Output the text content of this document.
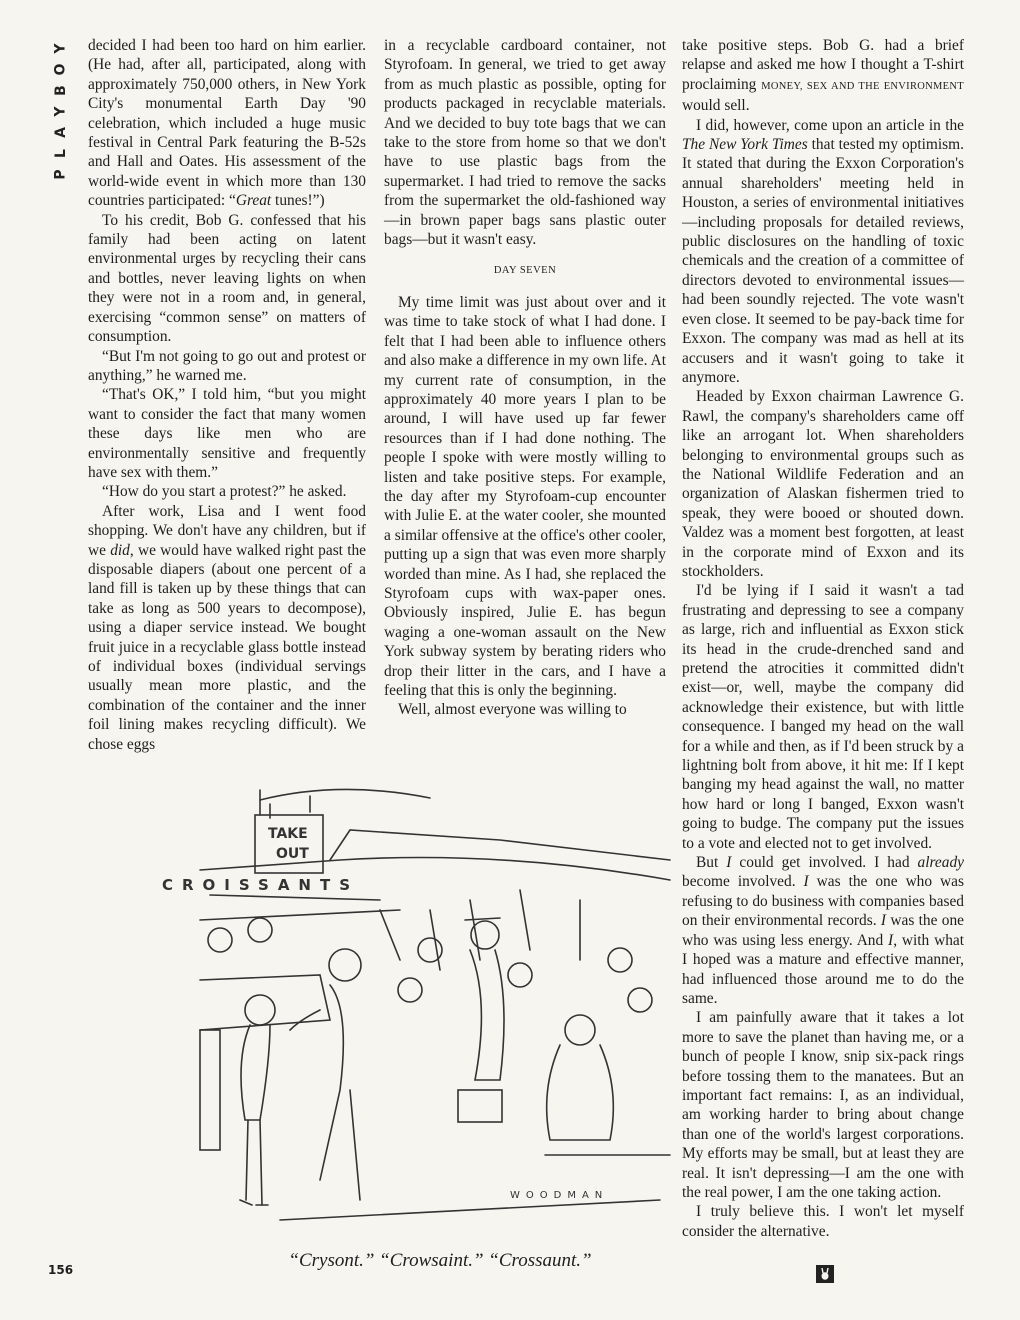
Y
O
B
Y
A
L
P

decided I had been too hard on him earlier. (He had, after all, participated, along with approximately 750,000 others, in New York City's monumental Earth Day '90 celebration, which included a huge music festival in Central Park featuring the B-52s and Hall and Oates. His assessment of the world-wide event in which more than 130 countries participated: “Great tunes!”)

To his credit, Bob G. confessed that his family had been acting on latent environmental urges by recycling their cans and bottles, never leaving lights on when they were not in a room and, in general, exercising “common sense” on matters of consumption.

“But I'm not going to go out and protest or anything,” he warned me.

“That's OK,” I told him, “but you might want to consider the fact that many women these days like men who are environmentally sensitive and frequently have sex with them.”

“How do you start a protest?” he asked.

After work, Lisa and I went food shopping. We don't have any children, but if we did, we would have walked right past the disposable diapers (about one percent of a land fill is taken up by these things that can take as long as 500 years to decompose), using a diaper service instead. We bought fruit juice in a recyclable glass bottle instead of individual boxes (individual servings usually mean more plastic, and the combination of the container and the inner foil lining makes recycling difficult). We chose eggs

in a recyclable cardboard container, not Styrofoam. In general, we tried to get away from as much plastic as possible, opting for products packaged in recyclable materials. And we decided to buy tote bags that we can take to the store from home so that we don't have to use plastic bags from the supermarket. I had tried to remove the sacks from the supermarket the old-fashioned way—in brown paper bags sans plastic outer bags—but it wasn't easy.

DAY SEVEN

My time limit was just about over and it was time to take stock of what I had done. I felt that I had been able to influence others and also make a difference in my own life. At my current rate of consumption, in the approximately 40 more years I plan to be around, I will have used up far fewer resources than if I had done nothing. The people I spoke with were mostly willing to listen and take positive steps. For example, the day after my Styrofoam-cup encounter with Julie E. at the water cooler, she mounted a similar offensive at the office's other cooler, putting up a sign that was even more sharply worded than mine. As I had, she replaced the Styrofoam cups with wax-paper ones. Obviously inspired, Julie E. has begun waging a one-woman assault on the New York subway system by berating riders who drop their litter in the cars, and I have a feeling that this is only the beginning.

Well, almost everyone was willing to

take positive steps. Bob G. had a brief relapse and asked me how I thought a T-shirt proclaiming MONEY, SEX AND THE ENVIRONMENT would sell.

I did, however, come upon an article in the The New York Times that tested my optimism. It stated that during the Exxon Corporation's annual shareholders' meeting held in Houston, a series of environmental initiatives—including proposals for detailed reviews, public disclosures on the handling of toxic chemicals and the creation of a committee of directors devoted to environmental issues—had been soundly rejected. The vote wasn't even close. It seemed to be pay-back time for Exxon. The company was mad as hell at its accusers and it wasn't going to take it anymore.

Headed by Exxon chairman Lawrence G. Rawl, the company's shareholders came off like an arrogant lot. When shareholders belonging to environmental groups such as the National Wildlife Federation and an organization of Alaskan fishermen tried to speak, they were booed or shouted down. Valdez was a moment best forgotten, at least in the corporate mind of Exxon and its stockholders.

I'd be lying if I said it wasn't a tad frustrating and depressing to see a company as large, rich and influential as Exxon stick its head in the crude-drenched sand and pretend the atrocities it committed didn't exist—or, well, maybe the company did acknowledge their existence, but with little consequence. I banged my head on the wall for a while and then, as if I'd been struck by a lightning bolt from above, it hit me: If I kept banging my head against the wall, no matter how hard or long I banged, Exxon wasn't going to budge. The company put the issues to a vote and elected not to get involved.

But I could get involved. I had already become involved. I was the one who was refusing to do business with companies based on their environmental records. I was the one who was using less energy. And I, with what I hoped was a mature and effective manner, had influenced those around me to do the same.

I am painfully aware that it takes a lot more to save the planet than having me, or a bunch of people I know, snip six-pack rings before tossing them to the manatees. But an important fact remains: I, as an individual, am working harder to bring about change than one of the world's largest corporations. My efforts may be small, but at least they are real. It isn't depressing—I am the one with the real power, I am the one taking action.

I truly believe this. I won't let myself consider the alternative.

TAKE
OUT
CROISSANTS
WOODMAN
“Crysont.” “Crowsaint.” “Crossaunt.”
156
